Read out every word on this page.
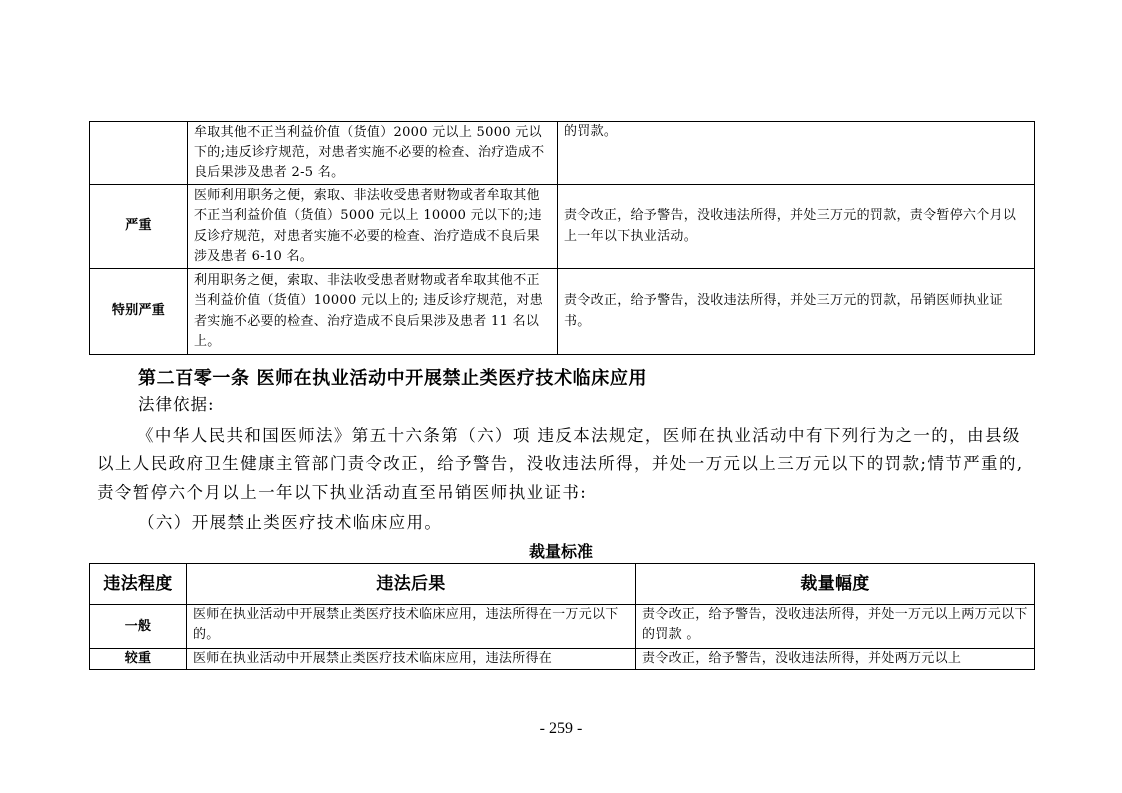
	牟取其他不正当利益价值（货值）2000 元以上 5000 元以下的;违反诊疗规范，对患者实施不必要的检查、治疗造成不良后果涉及患者 2-5 名。	的罚款。
严重	医师利用职务之便，索取、非法收受患者财物或者牟取其他不正当利益价值（货值）5000 元以上 10000 元以下的;违反诊疗规范，对患者实施不必要的检查、治疗造成不良后果涉及患者 6-10 名。	责令改正，给予警告，没收违法所得，并处三万元的罚款，责令暂停六个月以上一年以下执业活动。
特别严重	利用职务之便，索取、非法收受患者财物或者牟取其他不正当利益价值（货值）10000 元以上的; 违反诊疗规范，对患者实施不必要的检查、治疗造成不良后果涉及患者 11 名以上。	责令改正，给予警告，没收违法所得，并处三万元的罚款，吊销医师执业证书。
第二百零一条 医师在执业活动中开展禁止类医疗技术临床应用
法律依据:

《中华人民共和国医师法》第五十六条第（六）项 违反本法规定，医师在执业活动中有下列行为之一的，由县级以上人民政府卫生健康主管部门责令改正，给予警告，没收违法所得，并处一万元以上三万元以下的罚款;情节严重的,责令暂停六个月以上一年以下执业活动直至吊销医师执业证书:

（六）开展禁止类医疗技术临床应用。
裁量标准
违法程度	违法后果	裁量幅度
一般	医师在执业活动中开展禁止类医疗技术临床应用，违法所得在一万元以下的。	责令改正，给予警告，没收违法所得，并处一万元以上两万元以下的罚款 。
较重	医师在执业活动中开展禁止类医疗技术临床应用，违法所得在	责令改正，给予警告，没收违法所得，并处两万元以上
- 259 -
